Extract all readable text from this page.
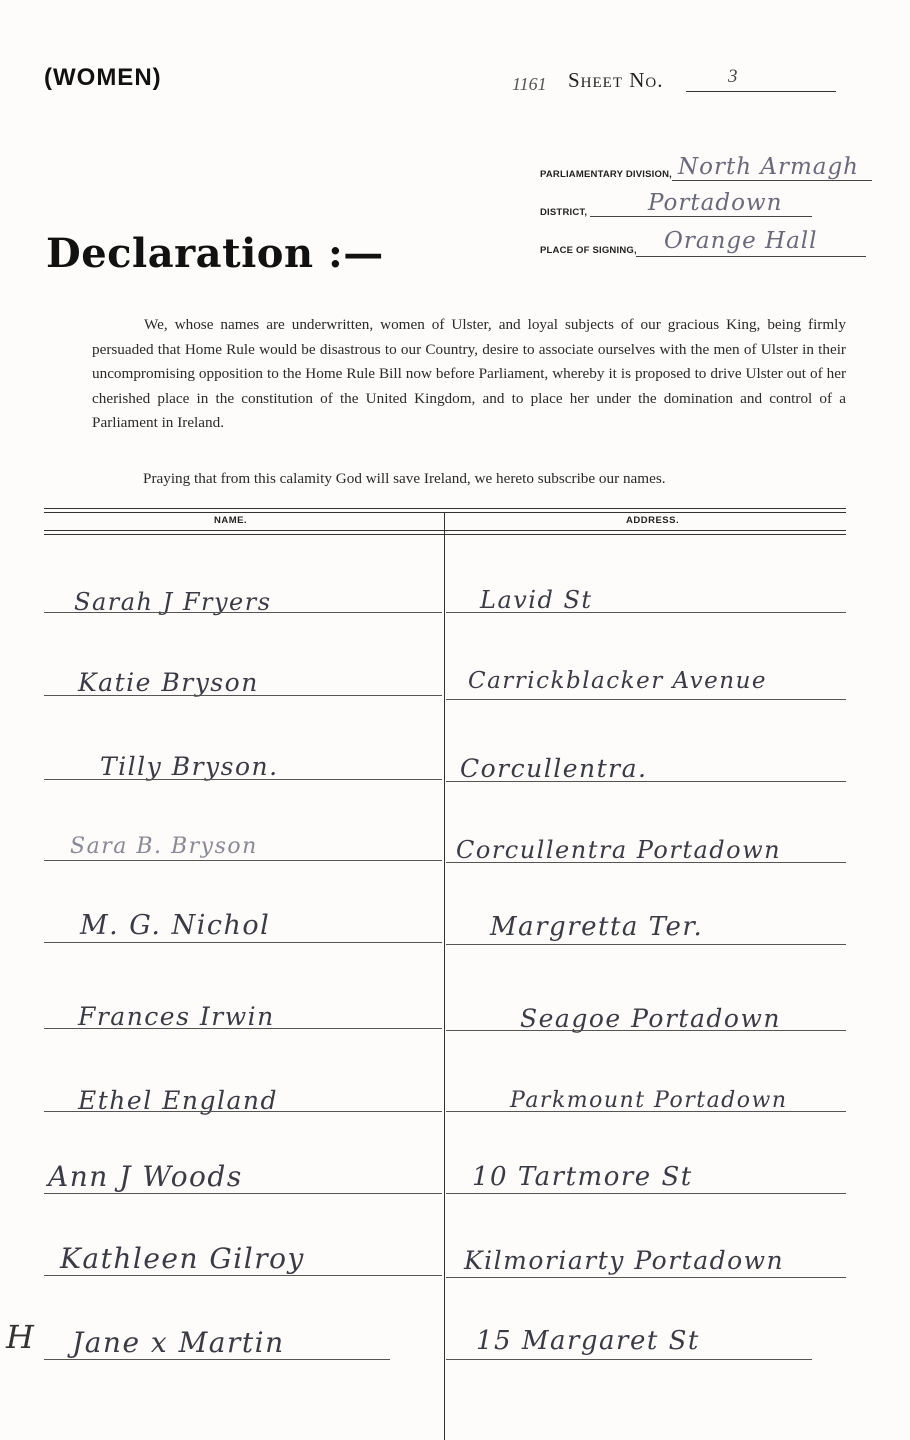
(WOMEN)	1161 Sheet No.	3
PARLIAMENTARY DIVISION, North Armagh
DISTRICT,	Portadown
PLACE OF SIGNING, Orange Hall
Declaration :—
We, whose names are underwritten, women of Ulster, and loyal subjects of our gracious King, being firmly persuaded that Home Rule would be disastrous to our Country, desire to associate ourselves with the men of Ulster in their uncompromising opposition to the Home Rule Bill now before Parliament, whereby it is proposed to drive Ulster out of her cherished place in the constitution of the United Kingdom, and to place her under the domination and control of a Parliament in Ireland.
Praying that from this calamity God will save Ireland, we hereto subscribe our names.
NAME.	ADDRESS.
Sarah J Fryers	Lavid St
Katie Bryson	Carrickblacker Avenue
Tilly Bryson.	Corcullentra.
Sara B. Bryson	Corcullentra Portadown
M. G. Nichol	Margretta Ter.
Frances Irwin	Seagoe Portadown
Ethel England	Parkmount Portadown
Ann J Woods	10 Tartmore St
Kathleen Gilroy	Kilmoriarty Portadown
Jane x Martin	15 Margaret St
H
